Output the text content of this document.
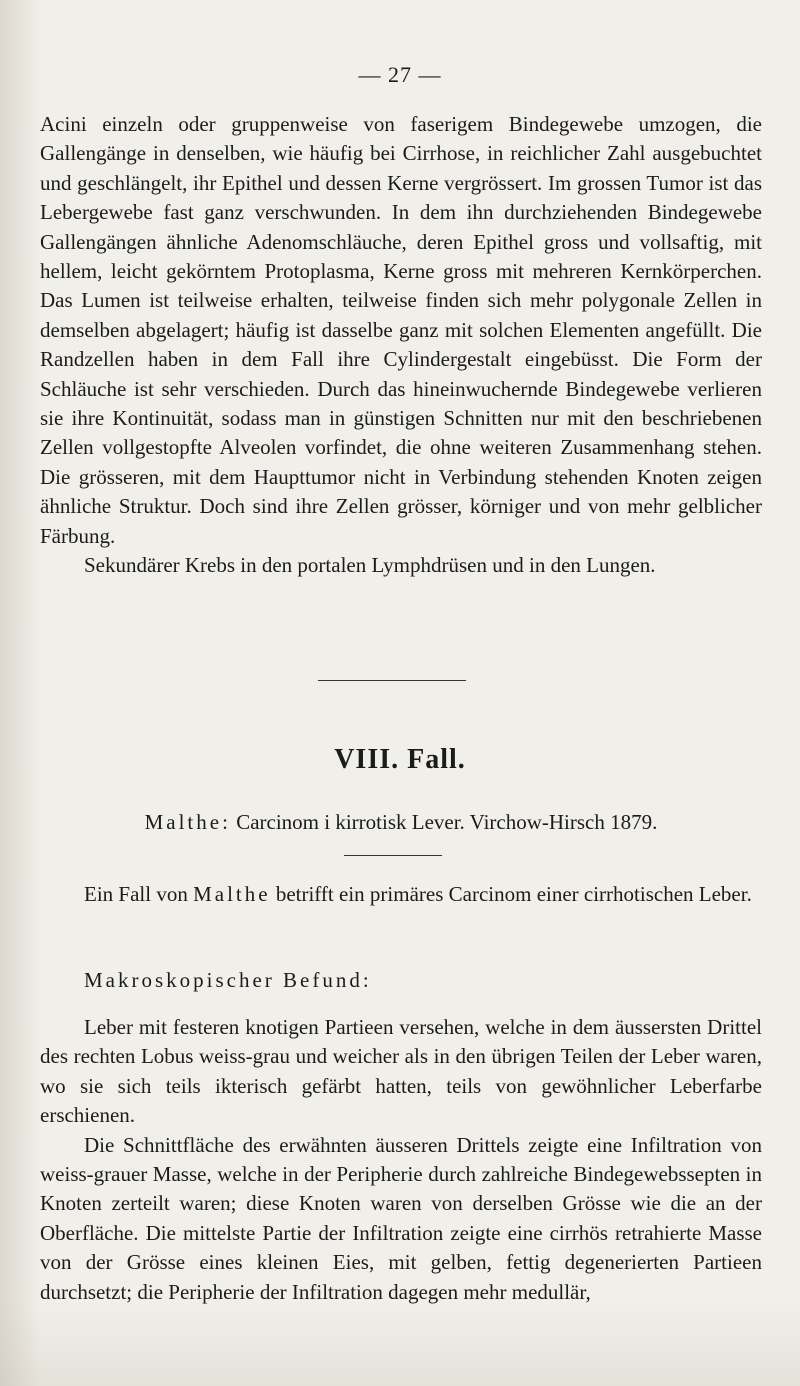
— 27 —

Acini einzeln oder gruppenweise von faserigem Bindegewebe umzogen, die Gallengänge in denselben, wie häufig bei Cirrhose, in reichlicher Zahl ausgebuchtet und geschlängelt, ihr Epithel und dessen Kerne vergrössert. Im grossen Tumor ist das Lebergewebe fast ganz verschwunden. In dem ihn durchziehenden Bindegewebe Gallengängen ähnliche Adenomschläuche, deren Epithel gross und vollsaftig, mit hellem, leicht gekörntem Protoplasma, Kerne gross mit mehreren Kernkörperchen. Das Lumen ist teilweise erhalten, teilweise finden sich mehr polygonale Zellen in demselben abgelagert; häufig ist dasselbe ganz mit solchen Elementen angefüllt. Die Randzellen haben in dem Fall ihre Cylindergestalt eingebüsst. Die Form der Schläuche ist sehr verschieden. Durch das hineinwuchernde Bindegewebe verlieren sie ihre Kontinuität, sodass man in günstigen Schnitten nur mit den beschriebenen Zellen vollgestopfte Alveolen vorfindet, die ohne weiteren Zusammenhang stehen. Die grösseren, mit dem Haupttumor nicht in Verbindung stehenden Knoten zeigen ähnliche Struktur. Doch sind ihre Zellen grösser, körniger und von mehr gelblicher Färbung.

Sekundärer Krebs in den portalen Lymphdrüsen und in den Lungen.

VIII. Fall.
Malthe: Carcinom i kirrotisk Lever. Virchow-Hirsch 1879.

Ein Fall von Malthe betrifft ein primäres Carcinom einer cirrhotischen Leber.

Makroskopischer Befund:

Leber mit festeren knotigen Partieen versehen, welche in dem äussersten Drittel des rechten Lobus weiss-grau und weicher als in den übrigen Teilen der Leber waren, wo sie sich teils ikterisch gefärbt hatten, teils von gewöhnlicher Leberfarbe erschienen.

Die Schnittfläche des erwähnten äusseren Drittels zeigte eine Infiltration von weiss-grauer Masse, welche in der Peripherie durch zahlreiche Bindegewebssepten in Knoten zerteilt waren; diese Knoten waren von derselben Grösse wie die an der Oberfläche. Die mittelste Partie der Infiltration zeigte eine cirrhös retrahierte Masse von der Grösse eines kleinen Eies, mit gelben, fettig degenerierten Partieen durchsetzt; die Peripherie der Infiltration dagegen mehr medullär,
